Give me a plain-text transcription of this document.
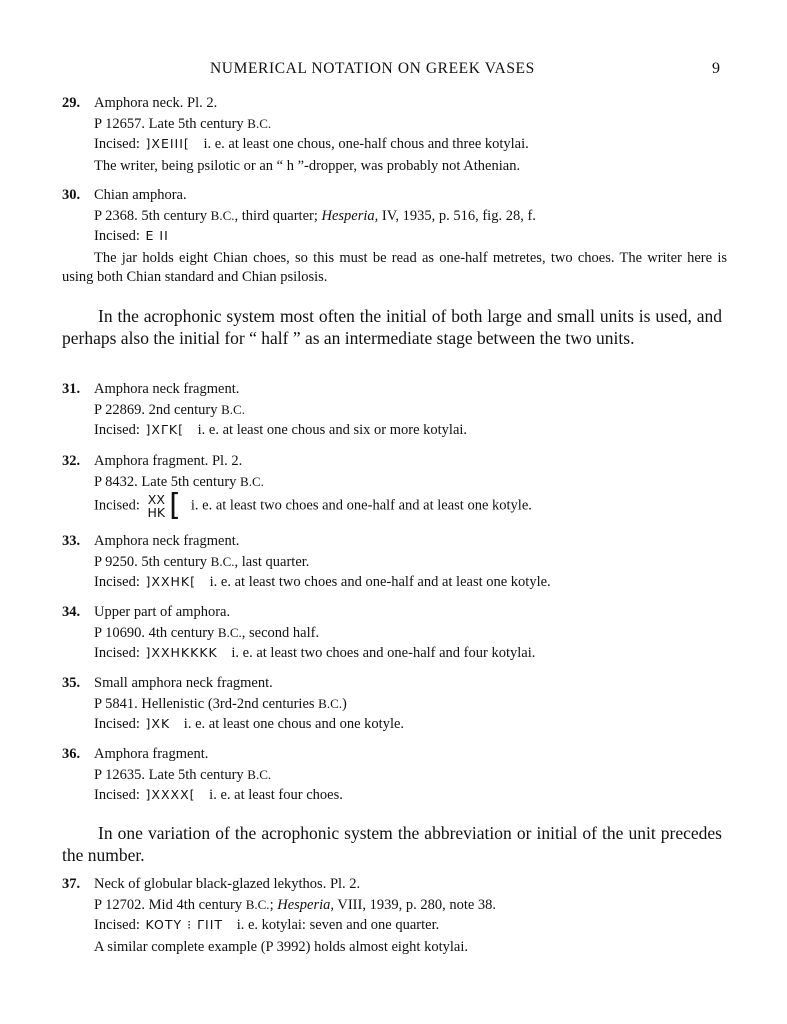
NUMERICAL NOTATION ON GREEK VASES	9
29. Amphora neck. Pl. 2.
P 12657. Late 5th century B.C.
Incised: ]XEIII[ i. e. at least one chous, one-half chous and three kotylai.
The writer, being psilotic or an “ h ”-dropper, was probably not Athenian.
30. Chian amphora.
P 2368. 5th century B.C., third quarter; Hesperia, IV, 1935, p. 516, fig. 28, f.
Incised: E II
The jar holds eight Chian choes, so this must be read as one-half metretes, two choes. The writer here is using both Chian standard and Chian psilosis.
In the acrophonic system most often the initial of both large and small units is used, and perhaps also the initial for “ half ” as an intermediate stage between the two units.
31. Amphora neck fragment.
P 22869. 2nd century B.C.
Incised: ]XΓK[ i. e. at least one chous and six or more kotylai.
32. Amphora fragment. Pl. 2.
P 8432. Late 5th century B.C.
Incised: XX
HK [ i. e. at least two choes and one-half and at least one kotyle.
33. Amphora neck fragment.
P 9250. 5th century B.C., last quarter.
Incised: ]XXHK[ i. e. at least two choes and one-half and at least one kotyle.
34. Upper part of amphora.
P 10690. 4th century B.C., second half.
Incised: ]XXHKKKK i. e. at least two choes and one-half and four kotylai.
35. Small amphora neck fragment.
P 5841. Hellenistic (3rd-2nd centuries B.C.)
Incised: ]XK i. e. at least one chous and one kotyle.
36. Amphora fragment.
P 12635. Late 5th century B.C.
Incised: ]XXXX[ i. e. at least four choes.
In one variation of the acrophonic system the abbreviation or initial of the unit precedes the number.
37. Neck of globular black-glazed lekythos. Pl. 2.
P 12702. Mid 4th century B.C.; Hesperia, VIII, 1939, p. 280, note 38.
Incised: KOTY ⁝ ΓIIT i. e. kotylai: seven and one quarter.
A similar complete example (P 3992) holds almost eight kotylai.
